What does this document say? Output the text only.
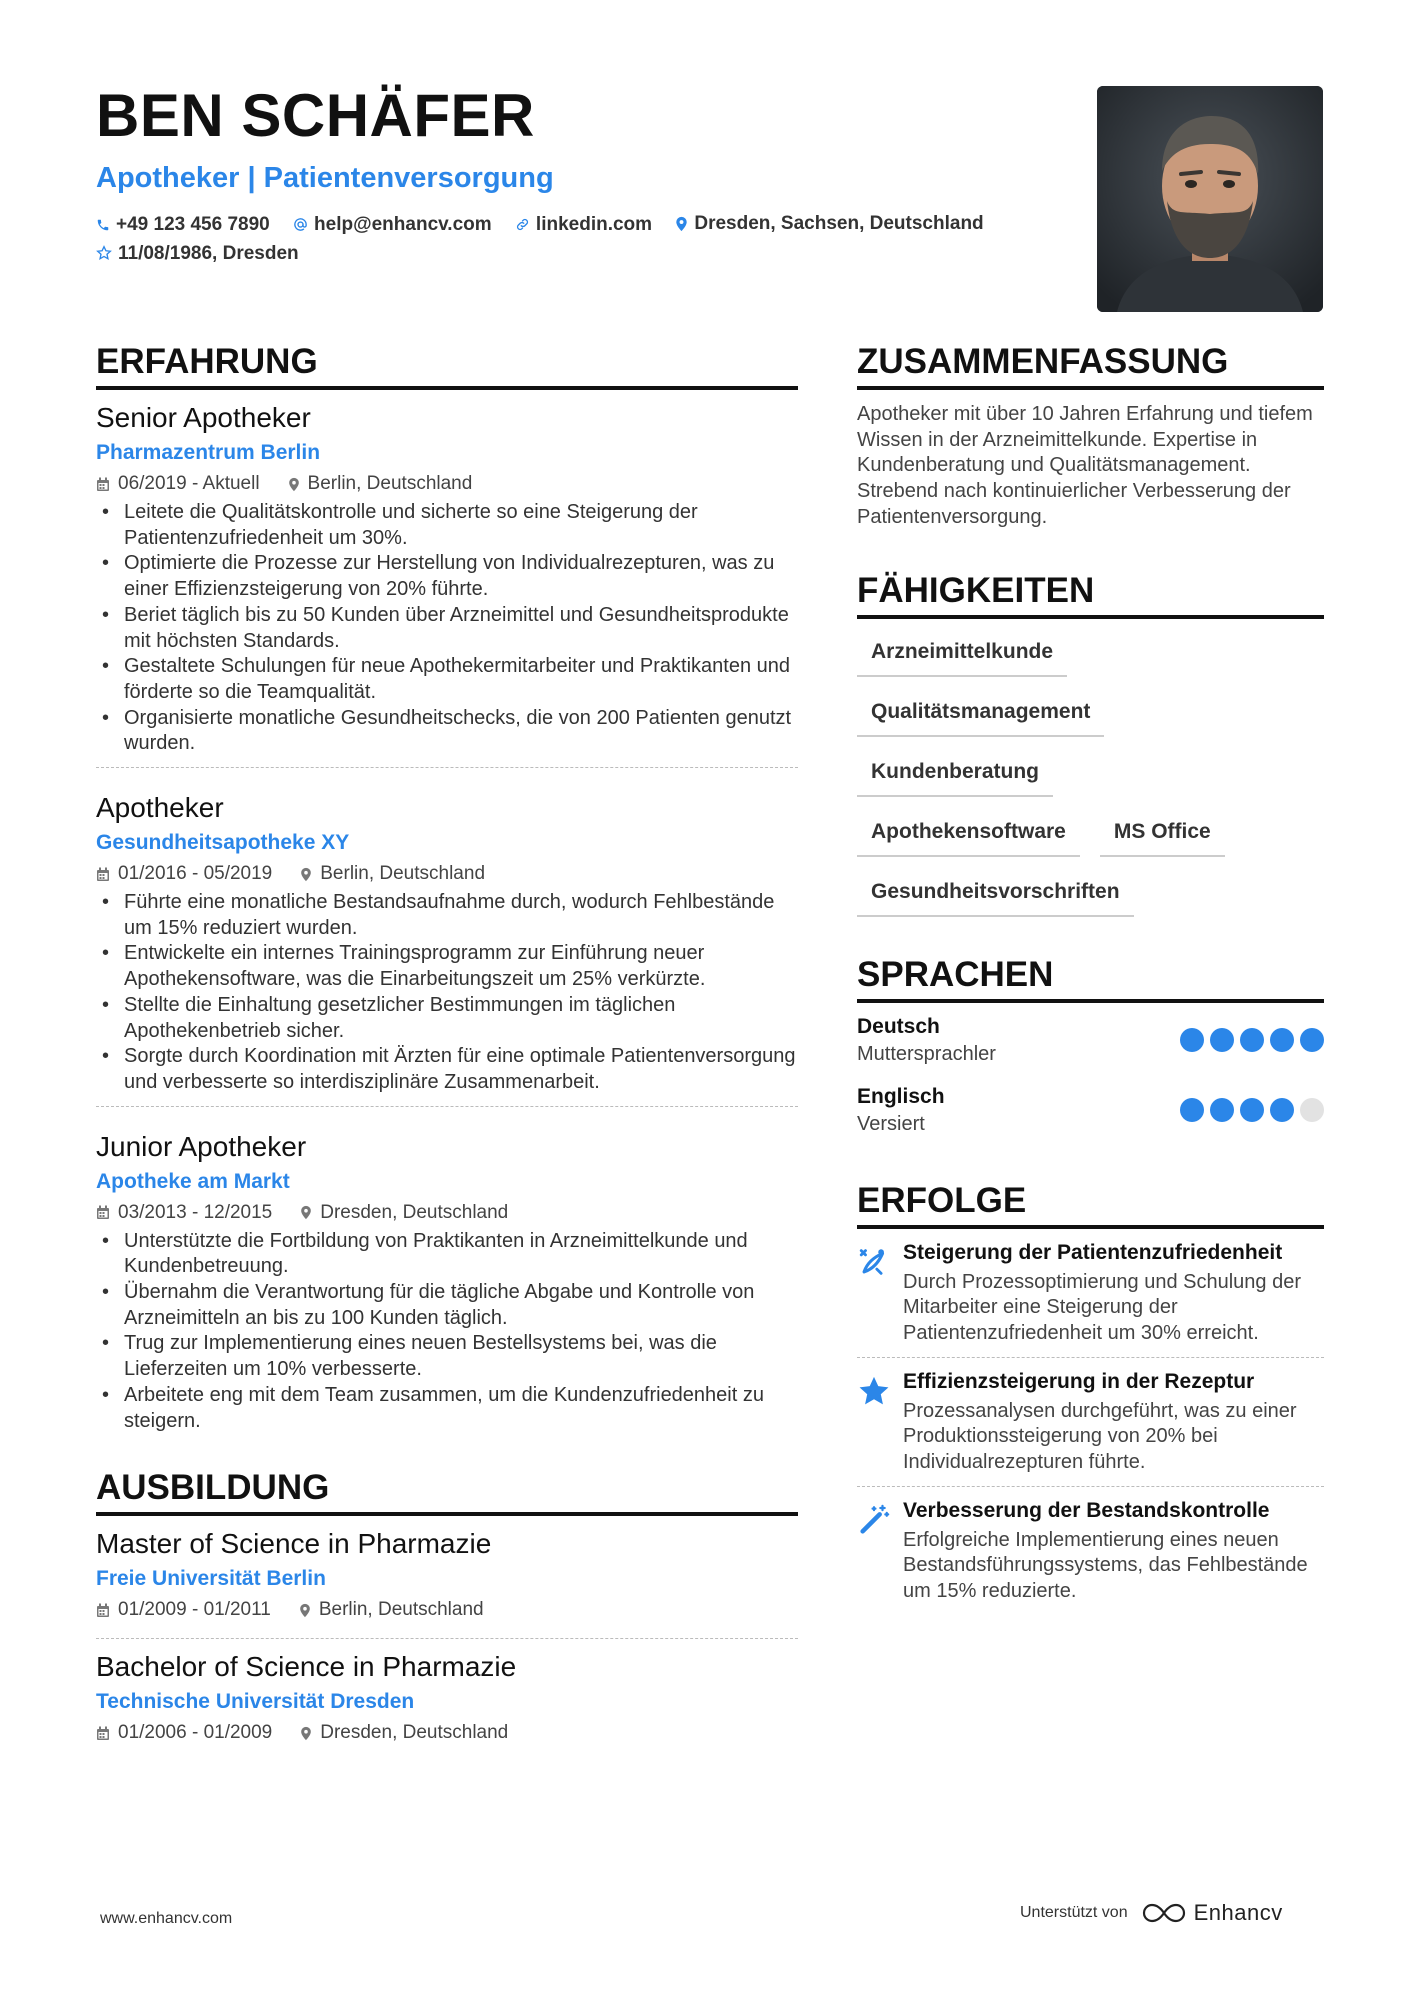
BEN SCHÄFER
Apotheker | Patientenversorgung
+49 123 456 7890
help@enhancv.com
linkedin.com
Dresden, Sachsen, Deutschland

11/08/1986, Dresden
ERFAHRUNG
Senior Apotheker
Pharmazentrum Berlin
06/2019 - Aktuell	Berlin, Deutschland
• Leitete die Qualitätskontrolle und sicherte so eine Steigerung der Patientenzufriedenheit um 30%.
• Optimierte die Prozesse zur Herstellung von Individualrezepturen, was zu einer Effizienzsteigerung von 20% führte.
• Beriet täglich bis zu 50 Kunden über Arzneimittel und Gesundheitsprodukte mit höchsten Standards.
• Gestaltete Schulungen für neue Apothekermitarbeiter und Praktikanten und förderte so die Teamqualität.
• Organisierte monatliche Gesundheitschecks, die von 200 Patienten genutzt wurden.
Apotheker
Gesundheitsapotheke XY
01/2016 - 05/2019	Berlin, Deutschland
• Führte eine monatliche Bestandsaufnahme durch, wodurch Fehlbestände um 15% reduziert wurden.
• Entwickelte ein internes Trainingsprogramm zur Einführung neuer Apothekensoftware, was die Einarbeitungszeit um 25% verkürzte.
• Stellte die Einhaltung gesetzlicher Bestimmungen im täglichen Apothekenbetrieb sicher.
• Sorgte durch Koordination mit Ärzten für eine optimale Patientenversorgung und verbesserte so interdisziplinäre Zusammenarbeit.
Junior Apotheker
Apotheke am Markt
03/2013 - 12/2015	Dresden, Deutschland
• Unterstützte die Fortbildung von Praktikanten in Arzneimittelkunde und Kundenbetreuung.
• Übernahm die Verantwortung für die tägliche Abgabe und Kontrolle von Arzneimitteln an bis zu 100 Kunden täglich.
• Trug zur Implementierung eines neuen Bestellsystems bei, was die Lieferzeiten um 10% verbesserte.
• Arbeitete eng mit dem Team zusammen, um die Kundenzufriedenheit zu steigern.
AUSBILDUNG
Master of Science in Pharmazie
Freie Universität Berlin
01/2009 - 01/2011	Berlin, Deutschland
Bachelor of Science in Pharmazie
Technische Universität Dresden
01/2006 - 01/2009	Dresden, Deutschland
ZUSAMMENFASSUNG
Apotheker mit über 10 Jahren Erfahrung und tiefem Wissen in der Arzneimittelkunde. Expertise in Kundenberatung und Qualitätsmanagement. Strebend nach kontinuierlicher Verbesserung der Patientenversorgung.
FÄHIGKEITEN
Arzneimittelkunde
Qualitätsmanagement
Kundenberatung
Apothekensoftware	MS Office
Gesundheitsvorschriften
SPRACHEN
Deutsch
Muttersprachler
Englisch
Versiert
ERFOLGE
Steigerung der Patientenzufriedenheit
Durch Prozessoptimierung und Schulung der Mitarbeiter eine Steigerung der Patientenzufriedenheit um 30% erreicht.
Effizienzsteigerung in der Rezeptur
Prozessanalysen durchgeführt, was zu einer Produktionssteigerung von 20% bei Individualrezepturen führte.
Verbesserung der Bestandskontrolle
Erfolgreiche Implementierung eines neuen Bestandsführungssystems, das Fehlbestände um 15% reduzierte.
www.enhancv.com	Unterstützt von	Enhancv
